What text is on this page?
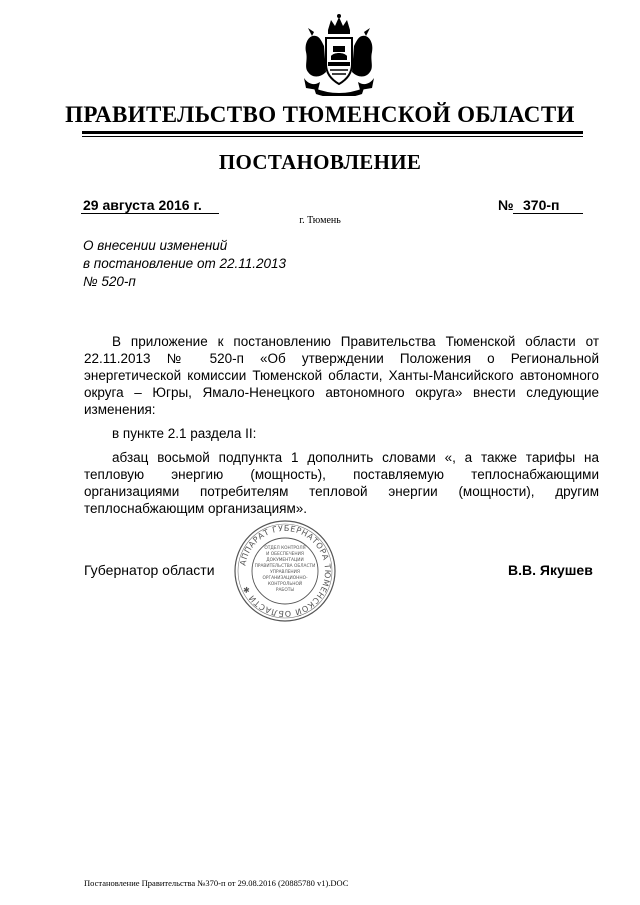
ПРАВИТЕЛЬСТВО ТЮМЕНСКОЙ ОБЛАСТИ
ПОСТАНОВЛЕНИЕ
29 августа 2016 г.	№ 370-п
г. Тюмень
О внесении изменений
в постановление от 22.11.2013
№ 520-п

В приложение к постановлению Правительства Тюменской области от 22.11.2013 № 520-п «Об утверждении Положения о Региональной энергетической комиссии Тюменской области, Ханты-Мансийского автономного округа – Югры, Ямало-Ненецкого автономного округа» внести следующие изменения:

в пункте 2.1 раздела II:

абзац восьмой подпункта 1 дополнить словами «, а также тарифы на тепловую энергию (мощность), поставляемую теплоснабжающими организациями потребителям тепловой энергии (мощности), другим теплоснабжающим организациям».

Губернатор области	АППАРАТ ГУБЕРНАТОРА ТЮМЕНСКОЙ ОБЛАСТИ ✱
ОТДЕЛ КОНТРОЛЯ
И ОБЕСПЕЧЕНИЯ
ДОКУМЕНТАЦИИ
ПРАВИТЕЛЬСТВА ОБЛАСТИ
УПРАВЛЕНИЯ
ОРГАНИЗАЦИОННО-
КОНТРОЛЬНОЙ
РАБОТЫ
В.В. Якушев
Постановление Правительства №370-п от 29.08.2016 (20885780 v1).DOC
